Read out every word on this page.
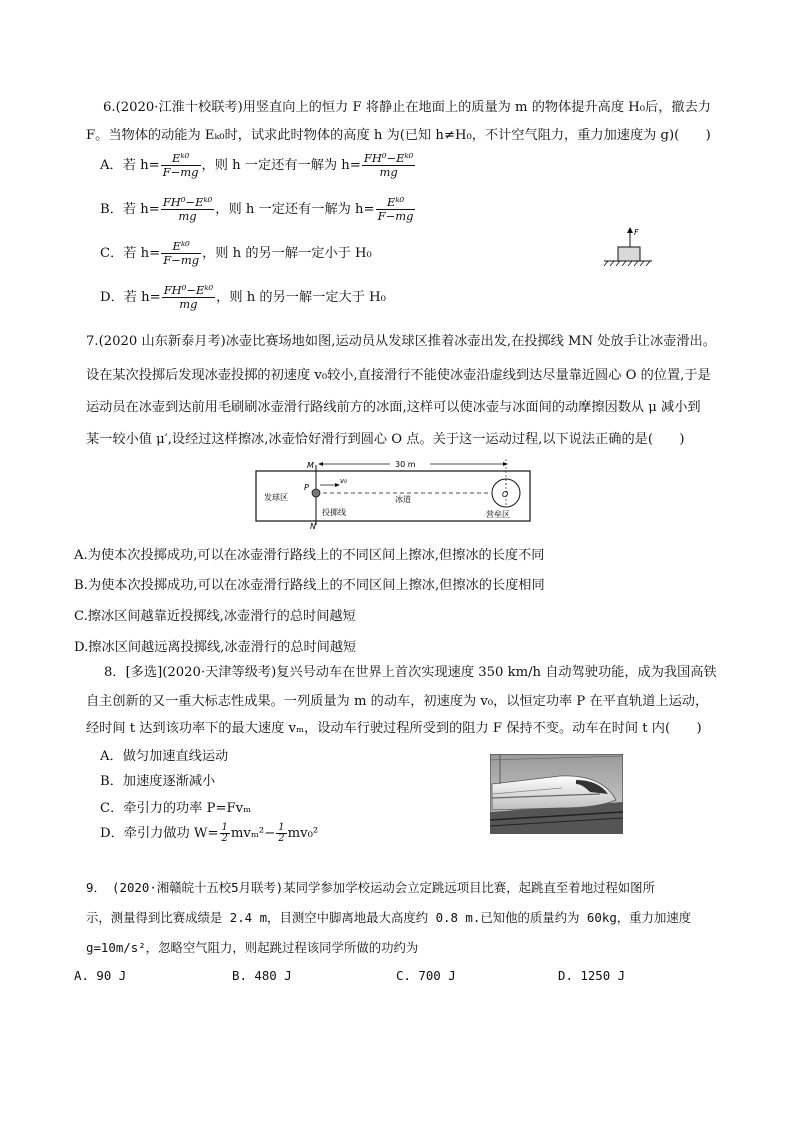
6.(2020·江淮十校联考)用竖直向上的恒力 F 将静止在地面上的质量为 m 的物体提升高度 H₀后，撤去力
F。当物体的动能为 Eₖ₀时，试求此时物体的高度 h 为(已知 h≠H₀，不计空气阻力，重力加速度为 g)(　　)
A．若 $h= \frac{\text{Eᵏ⁰}}{F-mg}$ ，则 h 一定还有一解为 $h= \frac{\text{FH⁰−Eᵏ⁰}}{mg}$
B．若 $h= \frac{\text{FH⁰−Eᵏ⁰}}{mg}$ ，则 h 一定还有一解为 $h= \frac{\text{Eᵏ⁰}}{F-mg}$
C．若 $h= \frac{\text{Eᵏ⁰}}{F-mg}$ ，则 h 的另一解一定小于 H₀
D．若 $h= \frac{\text{FH⁰−Eᵏ⁰}}{mg}$ ，则 h 的另一解一定大于 H₀
F
7.(2020 山东新泰月考)冰壶比赛场地如图,运动员从发球区推着冰壶出发,在投掷线 MN 处放手让冰壶滑出。
设在某次投掷后发现冰壶投掷的初速度 v₀较小,直接滑行不能使冰壶沿虚线到达尽量靠近圆心 O 的位置,于是
运动员在冰壶到达前用毛刷刷冰壶滑行路线前方的冰面,这样可以使冰壶与冰面间的动摩擦因数从 μ 减小到
某一较小值 μ′,设经过这样擦冰,冰壶恰好滑行到圆心 O 点。关于这一运动过程,以下说法正确的是(　　)
M
N
30 m
P
v₀
O
发球区	冰道
投掷线	营垒区
A.为使本次投掷成功,可以在冰壶滑行路线上的不同区间上擦冰,但擦冰的长度不同
B.为使本次投掷成功,可以在冰壶滑行路线上的不同区间上擦冰,但擦冰的长度相同
C.擦冰区间越靠近投掷线,冰壶滑行的总时间越短
D.擦冰区间越远离投掷线,冰壶滑行的总时间越短
8．[多选](2020·天津等级考)复兴号动车在世界上首次实现速度 350 km/h 自动驾驶功能，成为我国高铁
自主创新的又一重大标志性成果。一列质量为 m 的动车，初速度为 v₀，以恒定功率 P 在平直轨道上运动，
经时间 t 达到该功率下的最大速度 vₘ，设动车行驶过程所受到的阻力 F 保持不变。动车在时间 t 内(　　)
A．做匀加速直线运动
B．加速度逐渐减小
C．牵引力的功率 P=Fvₘ
D．牵引力做功 $W= \frac{1}{2} mv_m^2- \frac{1}{2} mv_0^2$
9．　(2020·湘赣皖十五校5月联考)某同学参加学校运动会立定跳远项目比赛，起跳直至着地过程如图所
示，测量得到比赛成绩是 2.4 m，目测空中脚离地最大高度约 0.8 m.已知他的质量约为 60kg，重力加速度
g=10m/s²，忽略空气阻力，则起跳过程该同学所做的功约为
A. 90 J	B. 480 J	C. 700 J	D. 1250 J
